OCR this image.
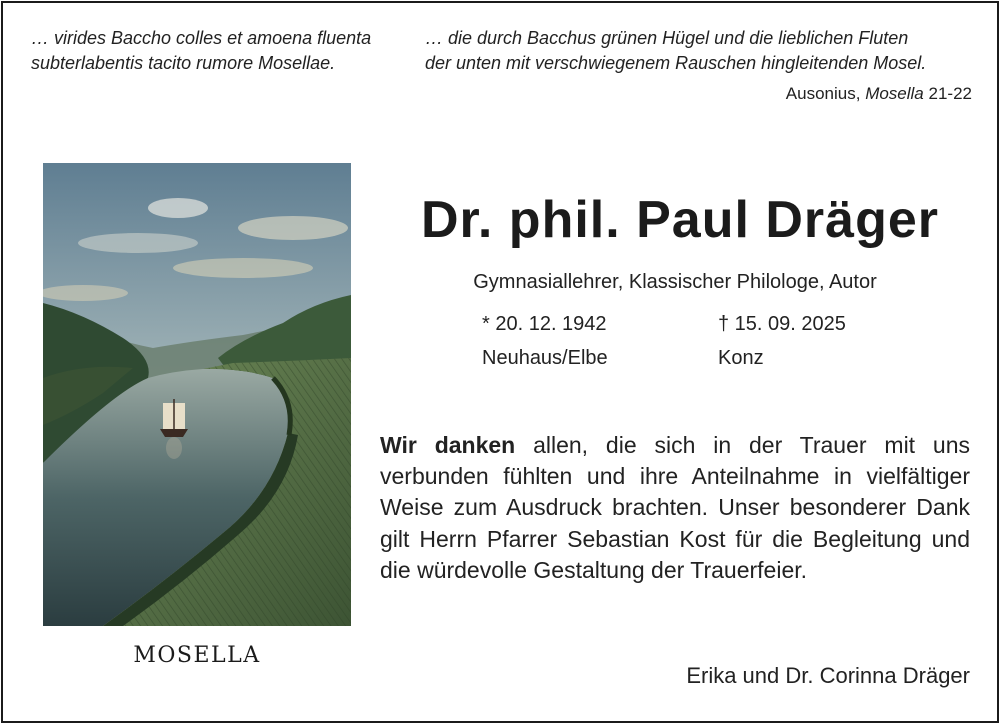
… virides Baccho colles et amoena fluenta
subterlabentis tacito rumore Mosellae.
… die durch Bacchus grünen Hügel und die lieblichen Fluten
der unten mit verschwiegenem Rauschen hingleitenden Mosel.
Ausonius, Mosella 21-22
MOSELLA
Dr. phil. Paul Dräger
Gymnasiallehrer, Klassischer Philologe, Autor
* 20. 12. 1942
Neuhaus/Elbe
† 15. 09. 2025
Konz
Wir danken allen, die sich in der Trauer mit uns verbunden fühlten und ihre Anteilnahme in vielfältiger Weise zum Ausdruck brachten. Unser besonderer Dank gilt Herrn Pfarrer Sebastian Kost für die Begleitung und die würdevolle Gestaltung der Trauerfeier.
Erika und Dr. Corinna Dräger
